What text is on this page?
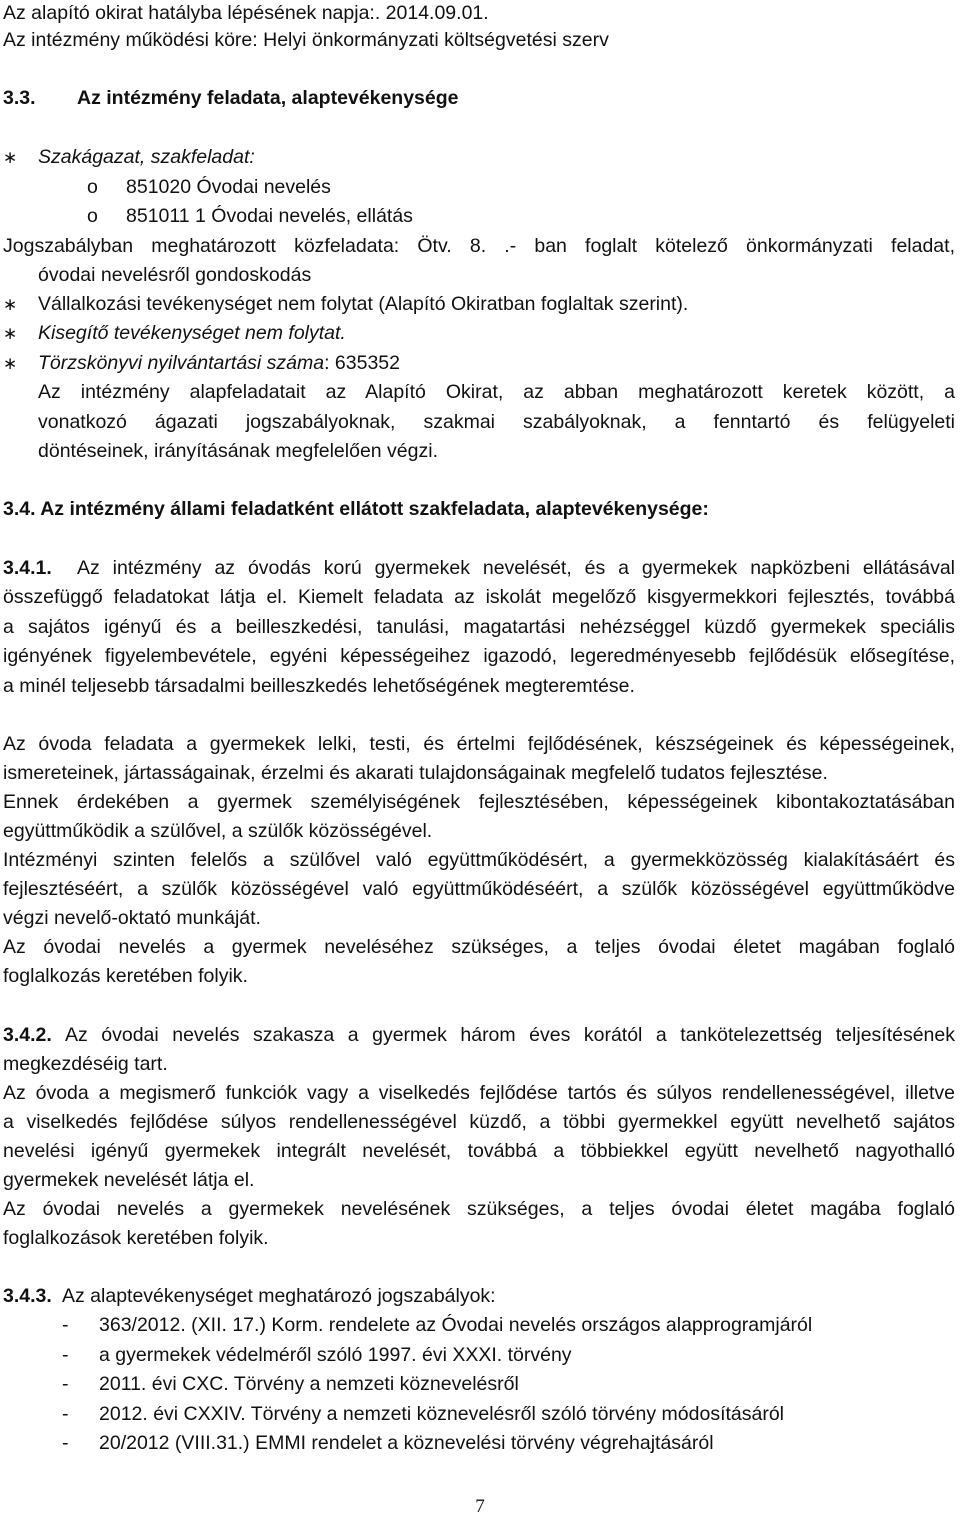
Az alapító okirat hatályba lépésének napja:. 2014.09.01.
Az intézmény működési köre: Helyi önkormányzati költségvetési szerv
3.3. Az intézmény feladata, alaptevékenysége
∗ Szakágazat, szakfeladat:
o 851020 Óvodai nevelés
o 851011 1 Óvodai nevelés, ellátás
Jogszabályban meghatározott közfeladata: Ötv. 8. .- ban foglalt kötelező önkormányzati feladat,
óvodai nevelésről gondoskodás
∗ Vállalkozási tevékenységet nem folytat (Alapító Okiratban foglaltak szerint).
∗ Kisegítő tevékenységet nem folytat.
∗ Törzskönyvi nyilvántartási száma: 635352
Az intézmény alapfeladatait az Alapító Okirat, az abban meghatározott keretek között, a
vonatkozó ágazati jogszabályoknak, szakmai szabályoknak, a fenntartó és felügyeleti
döntéseinek, irányításának megfelelően végzi.
3.4. Az intézmény állami feladatként ellátott szakfeladata, alaptevékenysége:
3.4.1. Az intézmény az óvodás korú gyermekek nevelését, és a gyermekek napközbeni ellátásával
összefüggő feladatokat látja el. Kiemelt feladata az iskolát megelőző kisgyermekkori fejlesztés, továbbá
a sajátos igényű és a beilleszkedési, tanulási, magatartási nehézséggel küzdő gyermekek speciális
igényének figyelembevétele, egyéni képességeihez igazodó, legeredményesebb fejlődésük elősegítése,
a minél teljesebb társadalmi beilleszkedés lehetőségének megteremtése.
Az óvoda feladata a gyermekek lelki, testi, és értelmi fejlődésének, készségeinek és képességeinek,
ismereteinek, jártasságainak, érzelmi és akarati tulajdonságainak megfelelő tudatos fejlesztése.
Ennek érdekében a gyermek személyiségének fejlesztésében, képességeinek kibontakoztatásában
együttműködik a szülővel, a szülők közösségével.
Intézményi szinten felelős a szülővel való együttműködésért, a gyermekközösség kialakításáért és
fejlesztéséért, a szülők közösségével való együttműködéséért, a szülők közösségével együttműködve
végzi nevelő-oktató munkáját.
Az óvodai nevelés a gyermek neveléséhez szükséges, a teljes óvodai életet magában foglaló
foglalkozás keretében folyik.
3.4.2. Az óvodai nevelés szakasza a gyermek három éves korától a tankötelezettség teljesítésének
megkezdéséig tart.
Az óvoda a megismerő funkciók vagy a viselkedés fejlődése tartós és súlyos rendellenességével, illetve
a viselkedés fejlődése súlyos rendellenességével küzdő, a többi gyermekkel együtt nevelhető sajátos
nevelési igényű gyermekek integrált nevelését, továbbá a többiekkel együtt nevelhető nagyothalló
gyermekek nevelését látja el.
Az óvodai nevelés a gyermekek nevelésének szükséges, a teljes óvodai életet magába foglaló
foglalkozások keretében folyik.
3.4.3. Az alaptevékenységet meghatározó jogszabályok:
- 363/2012. (XII. 17.) Korm. rendelete az Óvodai nevelés országos alapprogramjáról
- a gyermekek védelméről szóló 1997. évi XXXI. törvény
- 2011. évi CXC. Törvény a nemzeti köznevelésről
- 2012. évi CXXIV. Törvény a nemzeti köznevelésről szóló törvény módosításáról
- 20/2012 (VIII.31.) EMMI rendelet a köznevelési törvény végrehajtásáról
7
